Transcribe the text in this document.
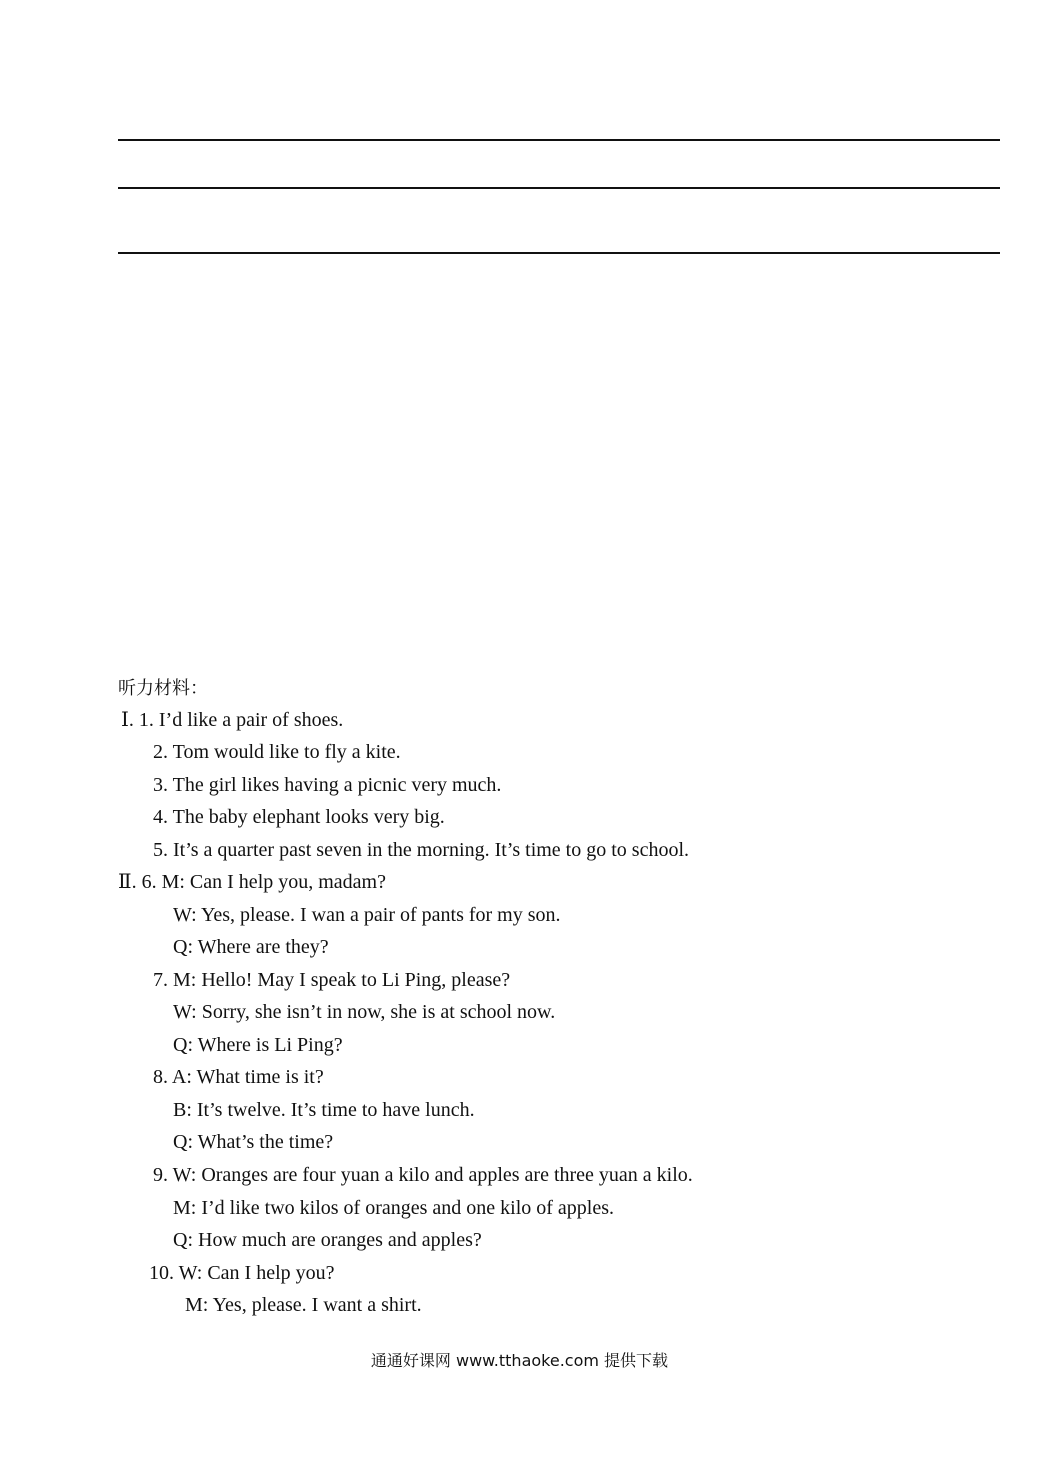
听力材料：
Ⅰ. 1. I’d like a pair of shoes.
2. Tom would like to fly a kite.
3. The girl likes having a picnic very much.
4. The baby elephant looks very big.
5. It’s a quarter past seven in the morning. It’s time to go to school.
Ⅱ. 6. M: Can I help you, madam?
W: Yes, please. I wan a pair of pants for my son.
Q: Where are they?
7. M: Hello! May I speak to Li Ping, please?
W: Sorry, she isn’t in now, she is at school now.
Q: Where is Li Ping?
8. A: What time is it?
B: It’s twelve. It’s time to have lunch.
Q: What’s the time?
9. W: Oranges are four yuan a kilo and apples are three yuan a kilo.
M: I’d like two kilos of oranges and one kilo of apples.
Q: How much are oranges and apples?
10. W: Can I help you?
M: Yes, please. I want a shirt.
通通好课网 www.tthaoke.com 提供下载
